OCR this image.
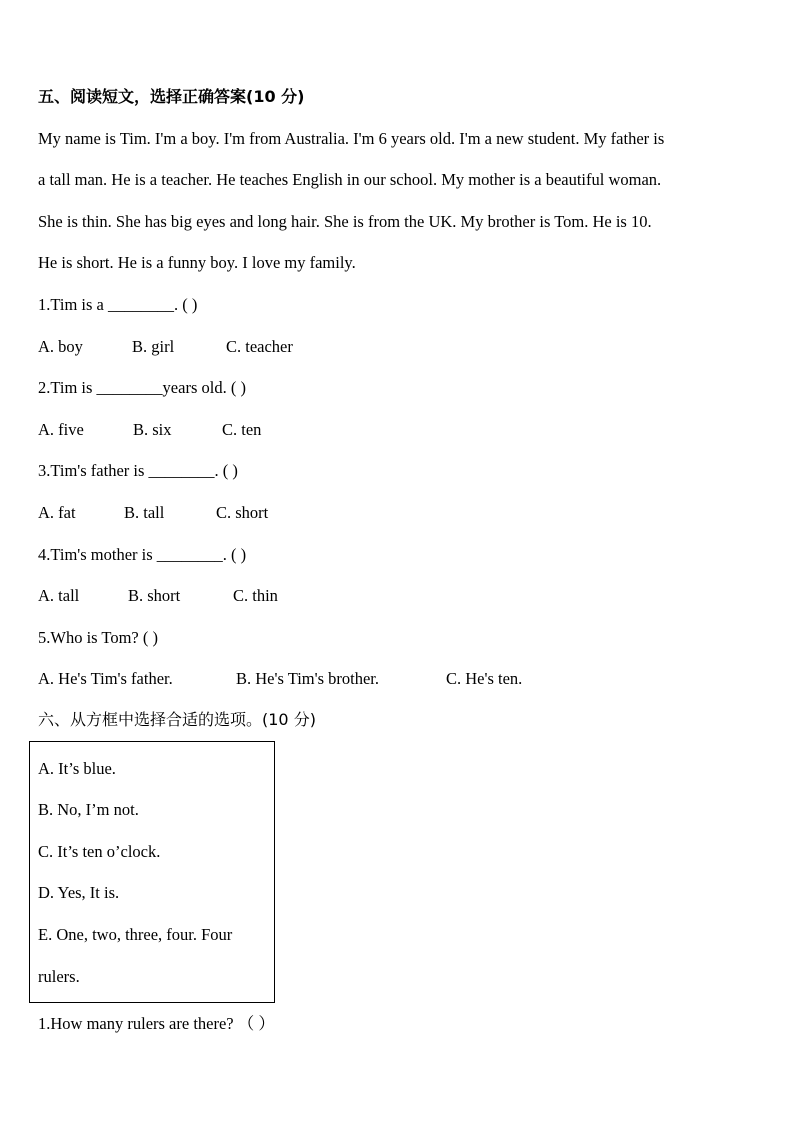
五、阅读短文，选择正确答案(10 分)
My name is Tim. I'm a boy. I'm from Australia. I'm 6 years old. I'm a new student. My father is
a tall man. He is a teacher. He teaches English in our school. My mother is a beautiful woman.
She is thin. She has big eyes and long hair. She is from the UK. My brother is Tom. He is 10.
He is short. He is a funny boy. I love my family.
1.Tim is a ________. ( )
A. boy	B. girl	C. teacher
2.Tim is ________years old. ( )
A. five	B. six	C. ten
3.Tim's father is ________. ( )
A. fat	B. tall	C. short
4.Tim's mother is ________. ( )
A. tall	B. short	C. thin
5.Who is Tom? ( )
A. He's Tim's father.	B. He's Tim's brother.	C. He's ten.
六、从方框中选择合适的选项。(10 分)
A. It’s blue.
B. No, I’m not.
C. It’s ten o’clock.
D. Yes, It is.
E. One, two, three, four. Four
rulers.
1.How many rulers are there? （ ）
